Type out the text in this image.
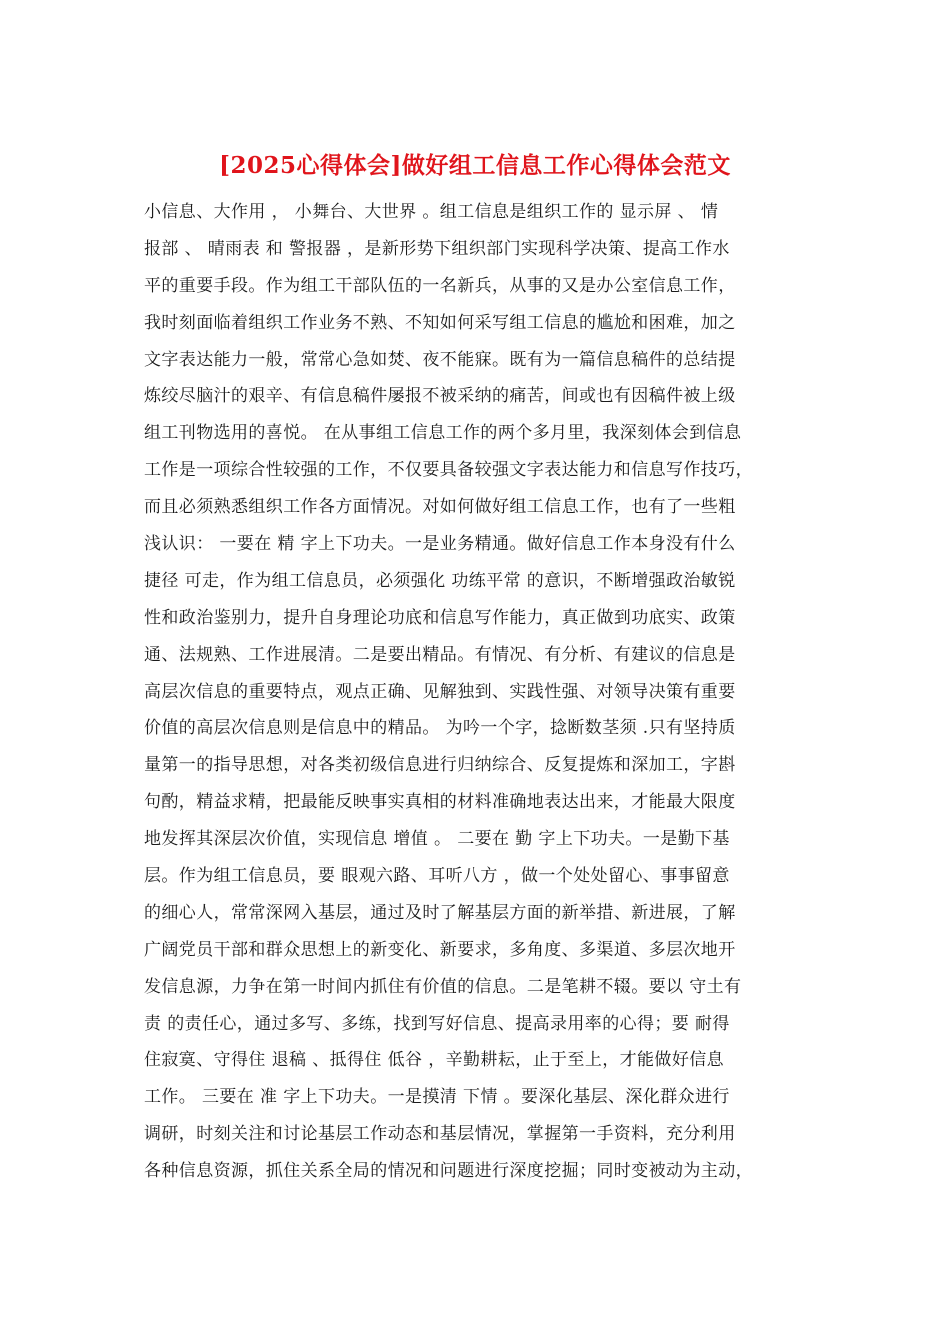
[2025心得体会]做好组工信息工作心得体会范文
小信息、大作用 ， 小舞台、大世界 。组工信息是组织工作的 显示屏 、 情
报部 、 晴雨表 和 警报器 ，是新形势下组织部门实现科学决策、提高工作水
平的重要手段。作为组工干部队伍的一名新兵，从事的又是办公室信息工作，
我时刻面临着组织工作业务不熟、不知如何采写组工信息的尴尬和困难，加之
文字表达能力一般，常常心急如焚、夜不能寐。既有为一篇信息稿件的总结提
炼绞尽脑汁的艰辛、有信息稿件屡报不被采纳的痛苦，间或也有因稿件被上级
组工刊物选用的喜悦。 在从事组工信息工作的两个多月里，我深刻体会到信息
工作是一项综合性较强的工作，不仅要具备较强文字表达能力和信息写作技巧，
而且必须熟悉组织工作各方面情况。对如何做好组工信息工作，也有了一些粗
浅认识： 一要在 精 字上下功夫。一是业务精通。做好信息工作本身没有什么
捷径 可走，作为组工信息员，必须强化 功练平常 的意识，不断增强政治敏锐
性和政治鉴别力，提升自身理论功底和信息写作能力，真正做到功底实、政策
通、法规熟、工作进展清。二是要出精品。有情况、有分析、有建议的信息是
高层次信息的重要特点，观点正确、见解独到、实践性强、对领导决策有重要
价值的高层次信息则是信息中的精品。 为吟一个字，捻断数茎须 .只有坚持质
量第一的指导思想，对各类初级信息进行归纳综合、反复提炼和深加工，字斟
句酌，精益求精，把最能反映事实真相的材料准确地表达出来，才能最大限度
地发挥其深层次价值，实现信息 增值 。 二要在 勤 字上下功夫。一是勤下基
层。作为组工信息员，要 眼观六路、耳听八方 ，做一个处处留心、事事留意
的细心人，常常深网入基层，通过及时了解基层方面的新举措、新进展，了解
广阔党员干部和群众思想上的新变化、新要求，多角度、多渠道、多层次地开
发信息源，力争在第一时间内抓住有价值的信息。二是笔耕不辍。要以 守土有
责 的责任心，通过多写、多练，找到写好信息、提高录用率的心得；要 耐得
住寂寞、守得住 退稿 、抵得住 低谷 ，辛勤耕耘，止于至上，才能做好信息
工作。 三要在 准 字上下功夫。一是摸清 下情 。要深化基层、深化群众进行
调研，时刻关注和讨论基层工作动态和基层情况，掌握第一手资料，充分利用
各种信息资源，抓住关系全局的情况和问题进行深度挖掘；同时变被动为主动，
